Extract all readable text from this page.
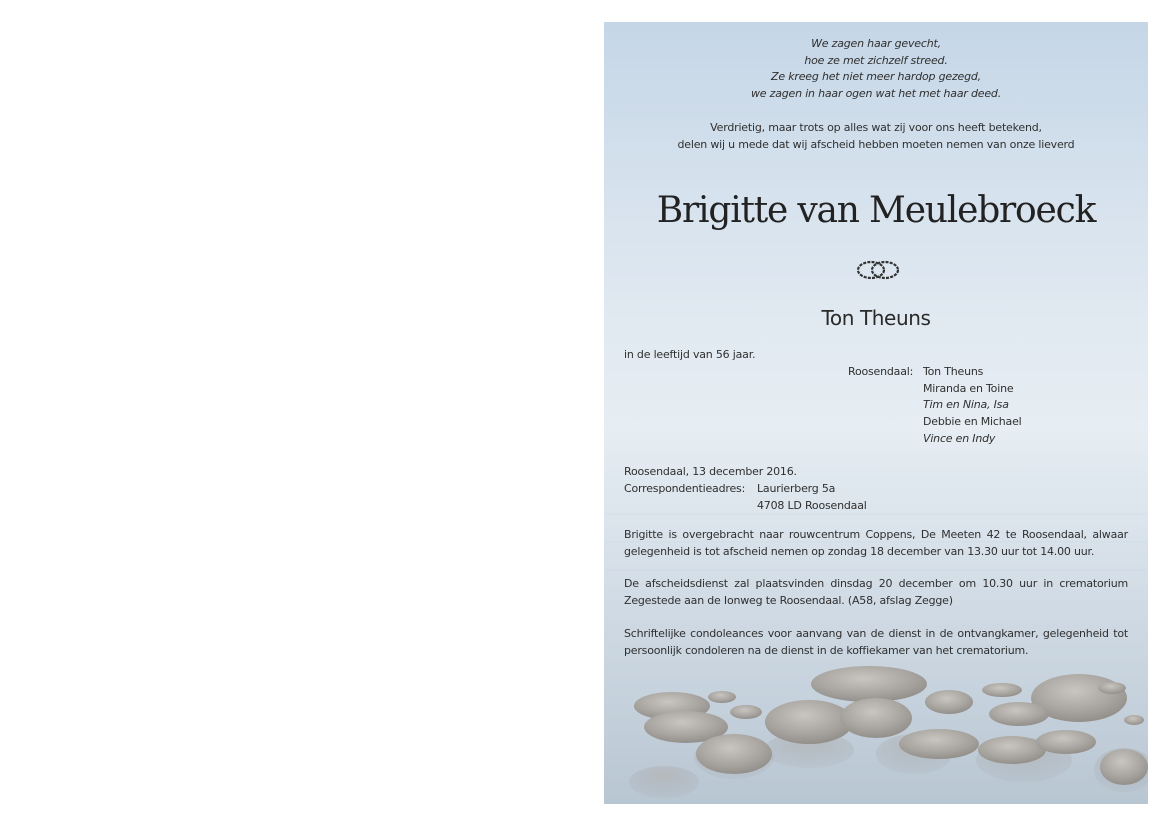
We zagen haar gevecht,
hoe ze met zichzelf streed.
Ze kreeg het niet meer hardop gezegd,
we zagen in haar ogen wat het met haar deed.
Verdrietig, maar trots op alles wat zij voor ons heeft betekend,
delen wij u mede dat wij afscheid hebben moeten nemen van onze lieverd
Brigitte van Meulebroeck
Ton Theuns
in de leeftijd van 56 jaar.
Roosendaal: Ton Theuns
Miranda en Toine
Tim en Nina, Isa
Debbie en Michael
Vince en Indy
Roosendaal, 13 december 2016.
Correspondentieadres: Laurierberg 5a
4708 LD Roosendaal
Brigitte is overgebracht naar rouwcentrum Coppens, De Meeten 42 te Roosendaal, alwaar gelegenheid is tot afscheid nemen op zondag 18 december van 13.30 uur tot 14.00 uur.
De afscheidsdienst zal plaatsvinden dinsdag 20 december om 10.30 uur in crematorium Zegestede aan de Ionweg te Roosendaal. (A58, afslag Zegge)
Schriftelijke condoleances voor aanvang van de dienst in de ontvangkamer, gelegenheid tot persoonlijk condoleren na de dienst in de koffiekamer van het crematorium.
